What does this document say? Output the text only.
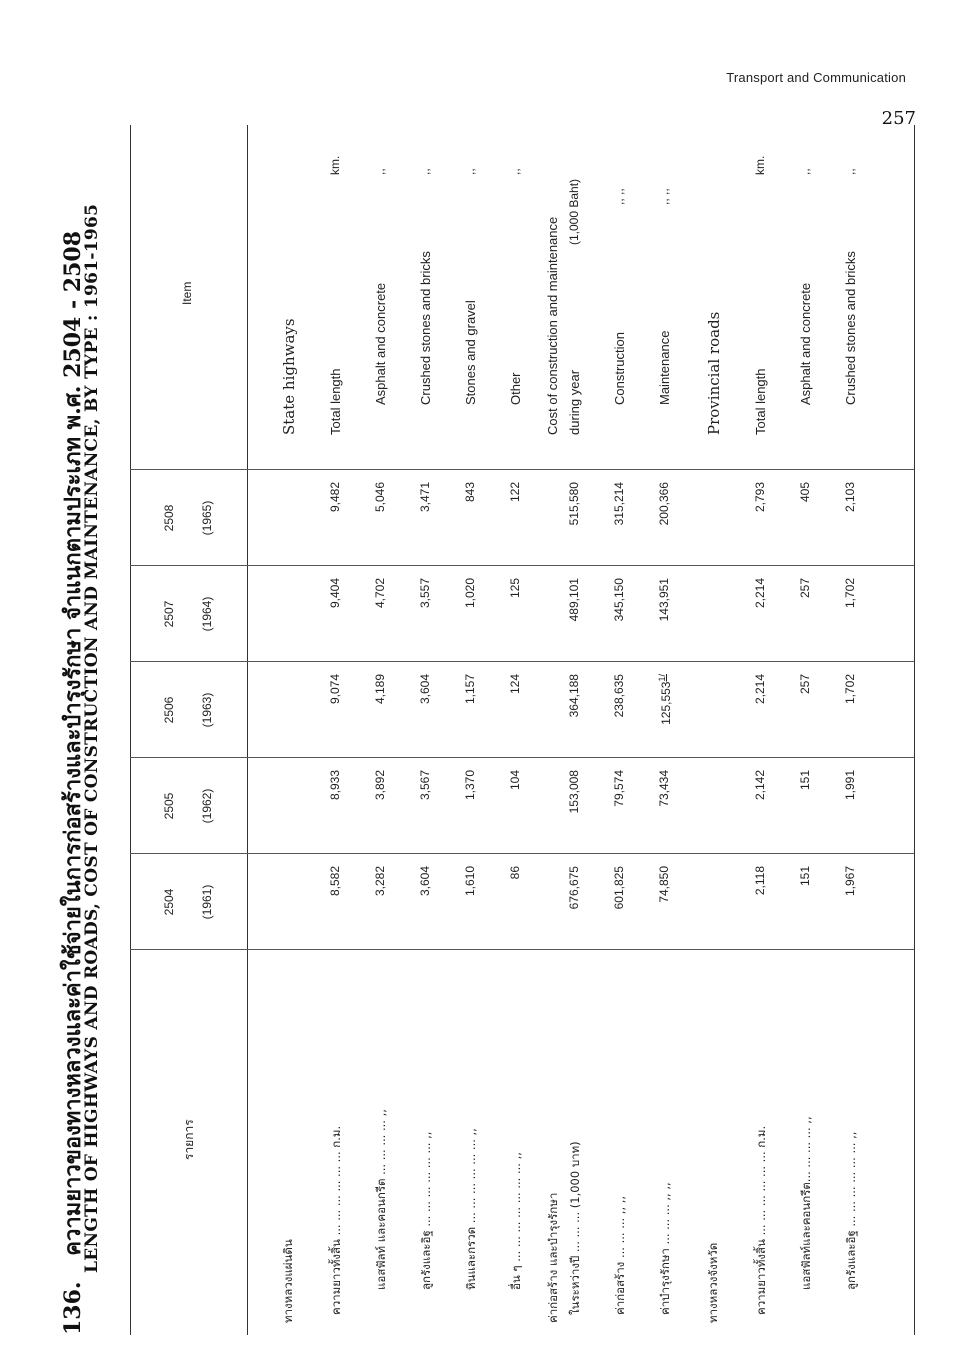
Transport and Communication
257
136. ความยาวของทางหลวงและค่าใช้จ่ายในการก่อสร้างและบำรุงรักษา จำแนกตามประเภท พ.ศ. 2504 - 2508
LENGTH OF HIGHWAYS AND ROADS, COST OF CONSTRUCTION AND MAINTENANCE, BY TYPE : 1961-1965	รายการ
Item
2504 (1961)
2505 (1962)
2506 (1963)
2507 (1964)
2508 (1965)
ทางหลวงแผ่นดิน
State highways
ความยาวทั้งสิ้น ... ... ... ... ... ... ก.ม.
8,582
8,933
9,074
9,404
9,482
Total length
km.
แอสฟัลท์ และคอนกรีต ... ... ... ... ,,
3,282
3,892
4,189
4,702
5,046
Asphalt and concrete
,,
ลูกรังและอิฐ ... ... ... ... ... ... ,,
3,604
3,567
3,604
3,557
3,471
Crushed stones and bricks
,,
หินและกรวด ... ... ... ... ... ... ,,
1,610
1,370
1,157
1,020
843
Stones and gravel
,,
อื่น ๆ ... ... ... ... ... ... ... ,,
86
104
124
125
122
Other
,,
ค่าก่อสร้าง และบำรุงรักษา ในระหว่างปี ... ... ... (1,000 บาท)
676,675
153,008
364,188
489,101
515,580
Cost of construction and maintenance during year
(1,000 Baht)
ค่าก่อสร้าง ... ... ... ,, ,,
601,825
79,574
238,635
345,150
315,214
Construction
,, ,,
ค่าบำรุงรักษา ... ... ... ,, ,,
74,850
73,434
$125,553^{1/}$
143,951
200,366
Maintenance
,, ,,
ทางหลวงจังหวัด
Provincial roads
ความยาวทั้งสิ้น ... ... ... ... ... ... ก.ม.
2,118
2,142
2,214
2,214
2,793
Total length
km.
แอสฟัลท์และคอนกรีต... ... ... ... ,,
151
151
257
257
405
Asphalt and concrete
,,
ลูกรังและอิฐ ... ... ... ... ... ... ,,
1,967
1,991
1,702
1,702
2,103
Crushed stones and bricks
,,
